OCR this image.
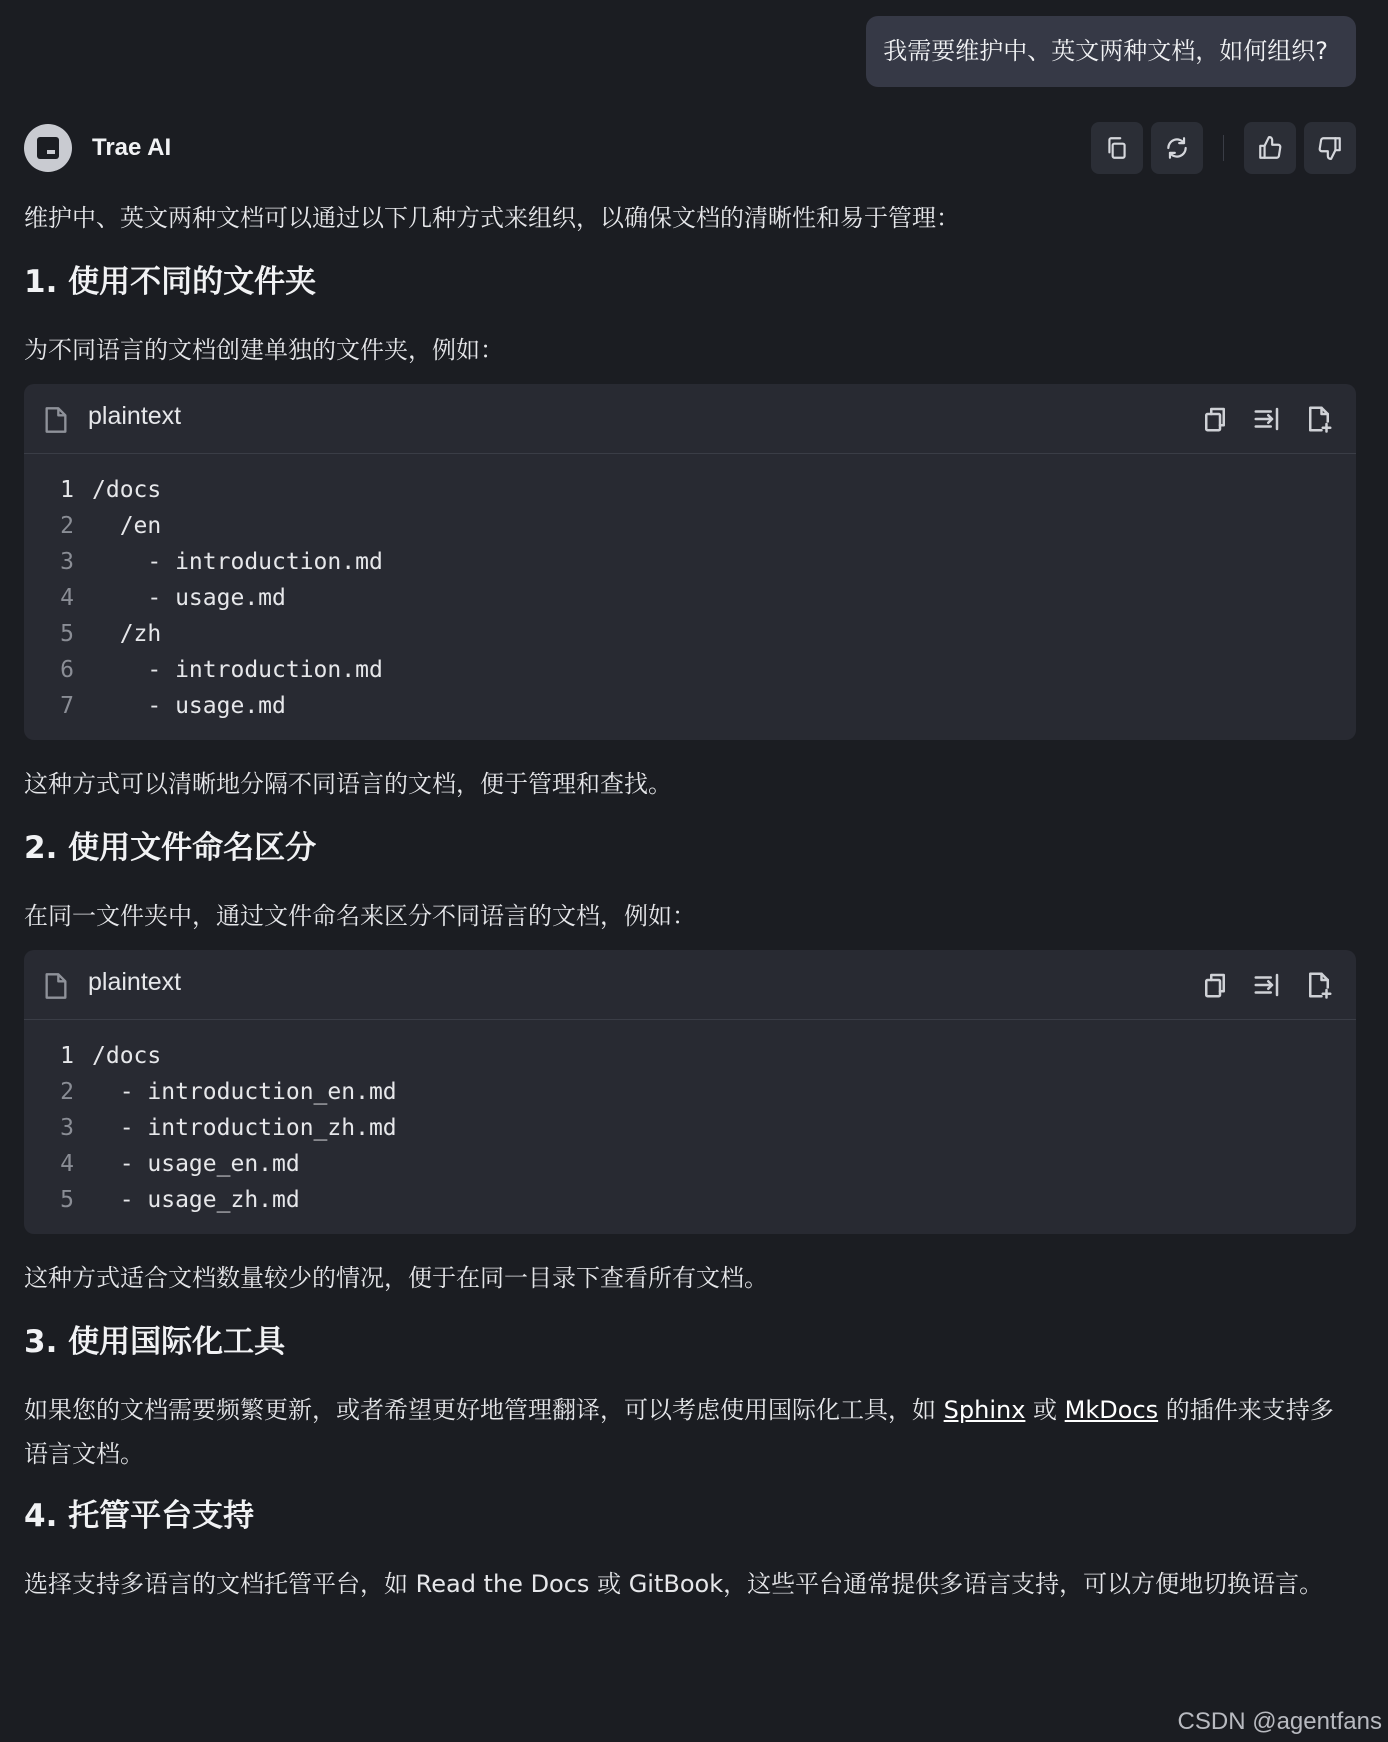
我需要维护中、英文两种文档，如何组织?
Trae AI

维护中、英文两种文档可以通过以下几种方式来组织，以确保文档的清晰性和易于管理：

1. 使用不同的文件夹

为不同语言的文档创建单独的文件夹，例如：

plaintext
1 /docs
2 /en
3 - introduction.md
4 - usage.md
5 /zh
6 - introduction.md
7 - usage.md

这种方式可以清晰地分隔不同语言的文档，便于管理和查找。

2. 使用文件命名区分

在同一文件夹中，通过文件命名来区分不同语言的文档，例如：

plaintext
1 /docs
2 - introduction_en.md
3 - introduction_zh.md
4 - usage_en.md
5 - usage_zh.md

这种方式适合文档数量较少的情况，便于在同一目录下查看所有文档。

3. 使用国际化工具

如果您的文档需要频繁更新，或者希望更好地管理翻译，可以考虑使用国际化工具，如 Sphinx 或 MkDocs 的插件来支持多语言文档。

4. 托管平台支持

选择支持多语言的文档托管平台，如 Read the Docs 或 GitBook，这些平台通常提供多语言支持，可以方便地切换语言。

CSDN @agentfans
